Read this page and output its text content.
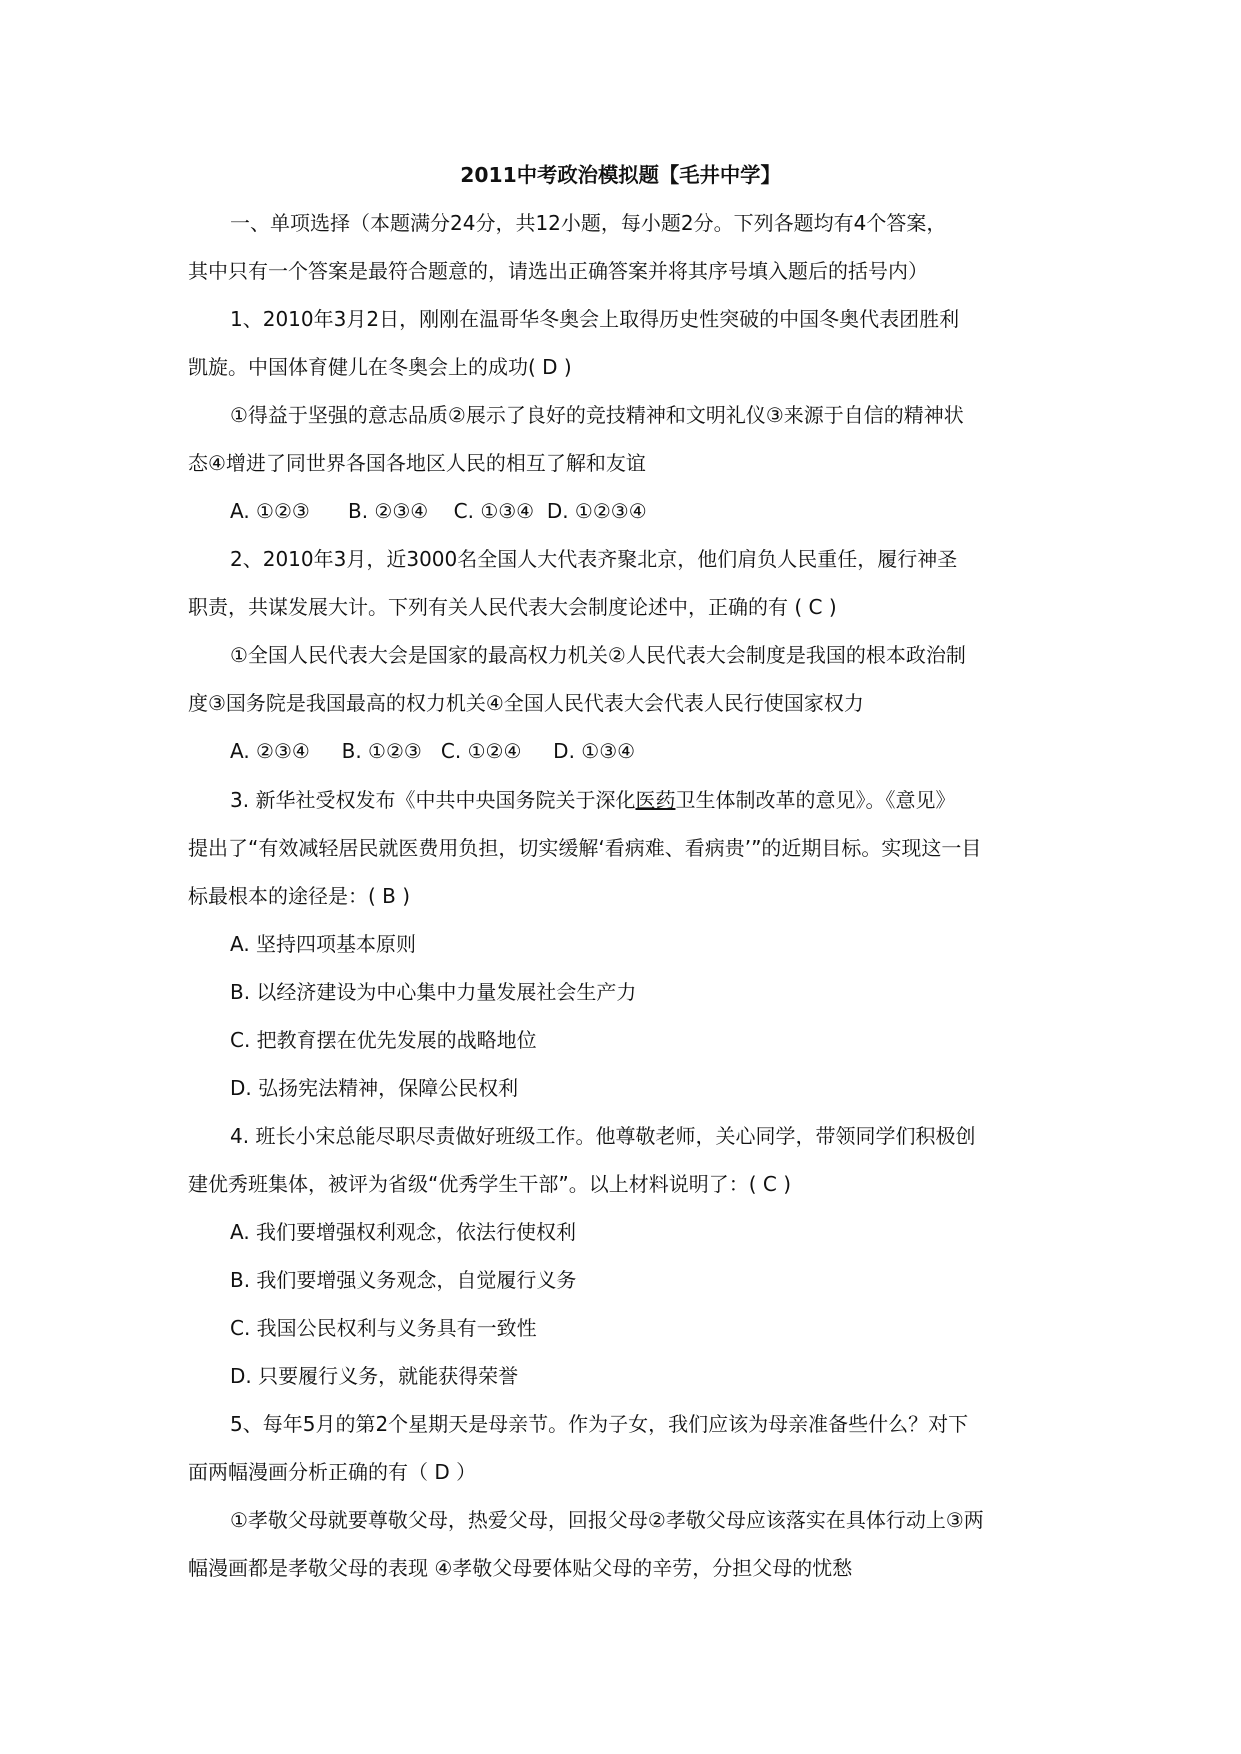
2011中考政治模拟题【毛井中学】
一、单项选择（本题满分24分，共12小题，每小题2分。下列各题均有4个答案，
其中只有一个答案是最符合题意的，请选出正确答案并将其序号填入题后的括号内）
1、2010年3月2日，刚刚在温哥华冬奥会上取得历史性突破的中国冬奥代表团胜利
凯旋。中国体育健儿在冬奥会上的成功( D )
①得益于坚强的意志品质②展示了良好的竞技精神和文明礼仪③来源于自信的精神状
态④增进了同世界各国各地区人民的相互了解和友谊
A. ①②③      B. ②③④    C. ①③④  D. ①②③④
2、2010年3月，近3000名全国人大代表齐聚北京，他们肩负人民重任，履行神圣
职责，共谋发展大计。下列有关人民代表大会制度论述中，正确的有 ( C )
①全国人民代表大会是国家的最高权力机关②人民代表大会制度是我国的根本政治制
度③国务院是我国最高的权力机关④全国人民代表大会代表人民行使国家权力
A. ②③④     B. ①②③   C. ①②④     D. ①③④
3. 新华社受权发布《中共中央国务院关于深化医药卫生体制改革的意见》。《意见》
提出了“有效减轻居民就医费用负担，切实缓解‘看病难、看病贵’”的近期目标。实现这一目
标最根本的途径是：( B )
A. 坚持四项基本原则
B. 以经济建设为中心集中力量发展社会生产力
C. 把教育摆在优先发展的战略地位
D. 弘扬宪法精神，保障公民权利
4. 班长小宋总能尽职尽责做好班级工作。他尊敬老师，关心同学，带领同学们积极创
建优秀班集体，被评为省级“优秀学生干部”。以上材料说明了：( C )
A. 我们要增强权利观念，依法行使权利
B. 我们要增强义务观念，自觉履行义务
C. 我国公民权利与义务具有一致性
D. 只要履行义务，就能获得荣誉
5、每年5月的第2个星期天是母亲节。作为子女，我们应该为母亲准备些什么？对下
面两幅漫画分析正确的有（ D ）
①孝敬父母就要尊敬父母，热爱父母，回报父母②孝敬父母应该落实在具体行动上③两
幅漫画都是孝敬父母的表现 ④孝敬父母要体贴父母的辛劳，分担父母的忧愁
